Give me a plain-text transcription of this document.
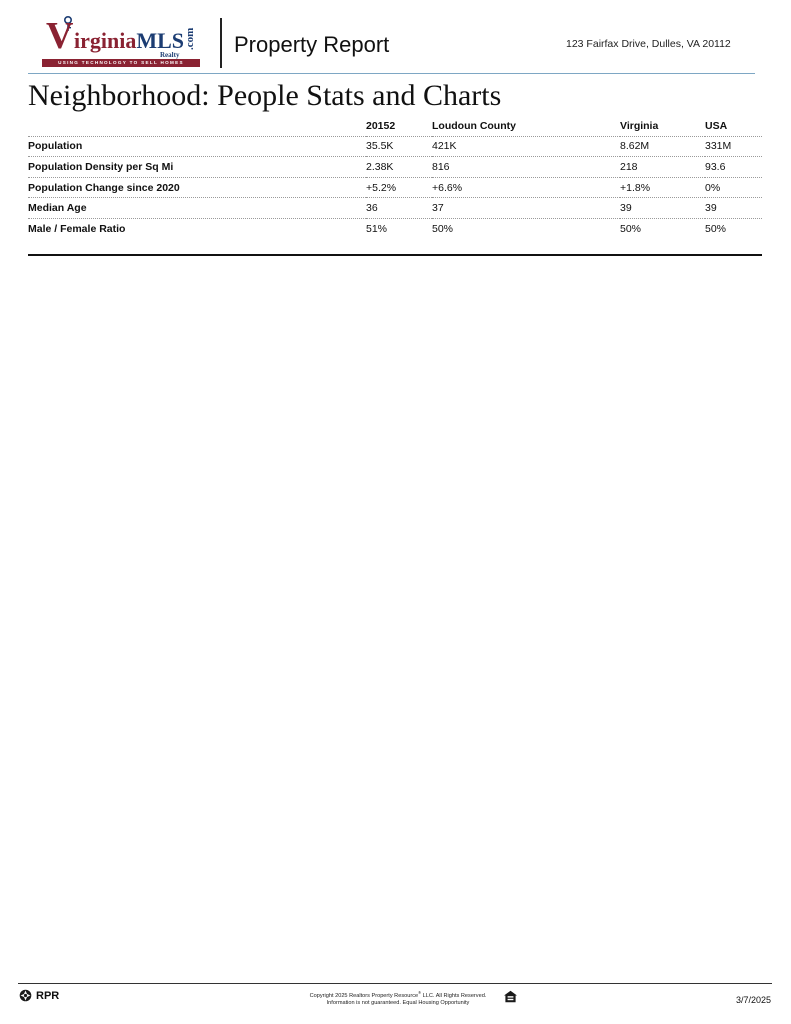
V irginiaMLS .com
Realty
USING TECHNOLOGY TO SELL HOMES
Property Report	123 Fairfax Drive, Dulles, VA 20112
Neighborhood: People Stats and Charts
	20152	Loudoun County	Virginia	USA
Population	35.5K	421K	8.62M	331M
Population Density per Sq Mi	2.38K	816	218	93.6
Population Change since 2020	+5.2%	+6.6%	+1.8%	0%
Median Age	36	37	39	39
Male / Female Ratio	51%	50%	50%	50%
RPR	Copyright 2025 Realtors Property Resource® LLC. All Rights Reserved.
Information is not guaranteed. Equal Housing Opportunity	3/7/2025
